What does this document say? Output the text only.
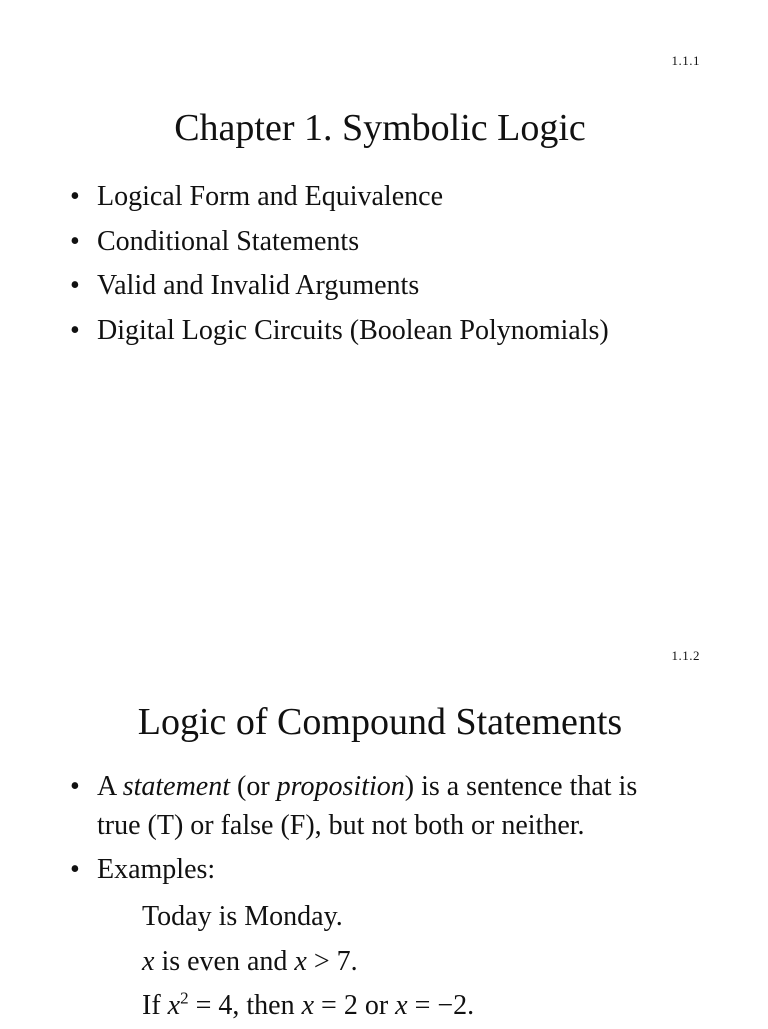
1.1.1
Chapter 1. Symbolic Logic
• Logical Form and Equivalence
• Conditional Statements
• Valid and Invalid Arguments
• Digital Logic Circuits (Boolean Polynomials)
1.1.2
Logic of Compound Statements
• A statement (or proposition) is a sentence that is
true (T) or false (F), but not both or neither.
• Examples:
Today is Monday.
x is even and x > 7.
If $x^2 = 4$, then x = 2 or x = −2.
